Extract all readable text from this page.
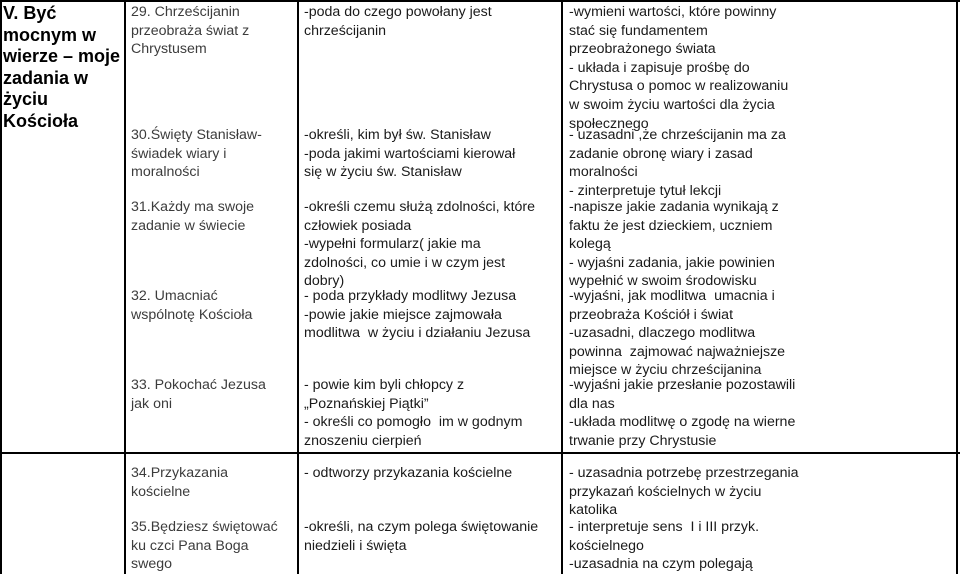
V. Być
mocnym w
wierze – moje
zadania w
życiu
Kościoła
29. Chrześcijanin
przeobraża świat z
Chrystusem
-poda do czego powołany jest
chrześcijanin
-wymieni wartości, które powinny
stać się fundamentem
przeobrażonego świata
- układa i zapisuje prośbę do
Chrystusa o pomoc w realizowaniu
w swoim życiu wartości dla życia
społecznego
30.Święty Stanisław-
świadek wiary i
moralności
-określi, kim był św. Stanisław
-poda jakimi wartościami kierował
się w życiu św. Stanisław
- uzasadni ,że chrześcijanin ma za
zadanie obronę wiary i zasad
moralności
- zinterpretuje tytuł lekcji
31.Każdy ma swoje
zadanie w świecie
-określi czemu służą zdolności, które
człowiek posiada
-wypełni formularz( jakie ma
zdolności, co umie i w czym jest
dobry)
-napisze jakie zadania wynikają z
faktu że jest dzieckiem, uczniem
kolegą
- wyjaśni zadania, jakie powinien
wypełnić w swoim środowisku
32. Umacniać
wspólnotę Kościoła
- poda przykłady modlitwy Jezusa
-powie jakie miejsce zajmowała
modlitwa  w życiu i działaniu Jezusa
-wyjaśni, jak modlitwa  umacnia i
przeobraża Kościół i świat
-uzasadni, dlaczego modlitwa
powinna  zajmować najważniejsze
miejsce w życiu chrześcijanina
33. Pokochać Jezusa
jak oni
- powie kim byli chłopcy z
„Poznańskiej Piątki”
- określi co pomogło  im w godnym
znoszeniu cierpień
-wyjaśni jakie przesłanie pozostawili
dla nas
-układa modlitwę o zgodę na wierne
trwanie przy Chrystusie
34.Przykazania
kościelne
- odtworzy przykazania kościelne	- uzasadnia potrzebę przestrzegania
przykazań kościelnych w życiu
katolika
35.Będziesz świętować
ku czci Pana Boga
swego
-określi, na czym polega świętowanie
niedzieli i święta
- interpretuje sens  I i III przyk.
kościelnego
-uzasadnia na czym polegają
